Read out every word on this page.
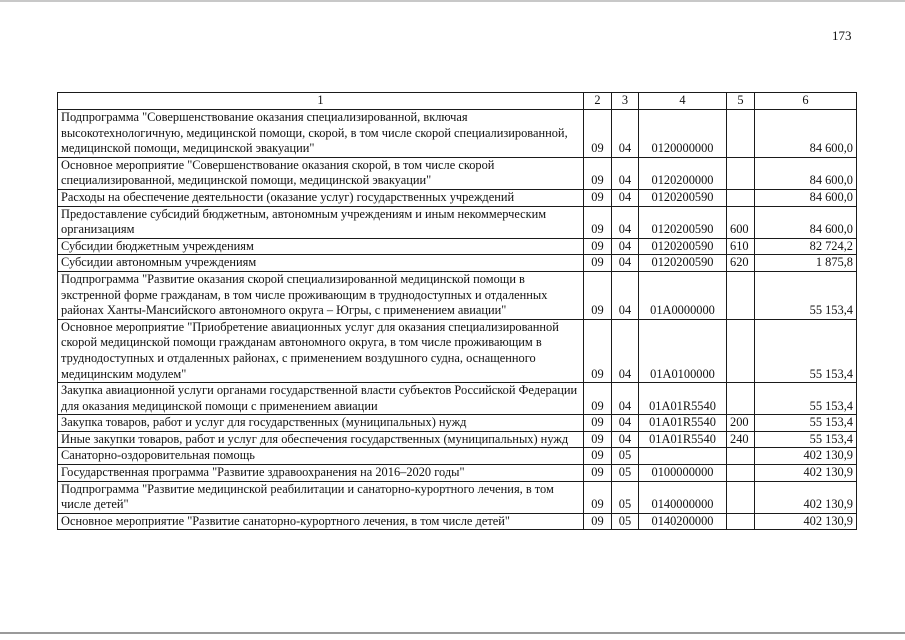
173
1	2	3	4	5	6
Подпрограмма "Совершенствование оказания специализированной, включая высокотехнологичную, медицинской помощи, скорой, в том числе скорой специализированной, медицинской помощи, медицинской эвакуации"	09	04	0120000000		84 600,0
Основное мероприятие "Совершенствование оказания скорой, в том числе скорой специализированной, медицинской помощи, медицинской эвакуации"	09	04	0120200000		84 600,0
Расходы на обеспечение деятельности (оказание услуг) государственных учреждений	09	04	0120200590		84 600,0
Предоставление субсидий бюджетным, автономным учреждениям и иным некоммерческим организациям	09	04	0120200590	600	84 600,0
Субсидии бюджетным учреждениям	09	04	0120200590	610	82 724,2
Субсидии автономным учреждениям	09	04	0120200590	620	1 875,8
Подпрограмма "Развитие оказания скорой специализированной медицинской помощи в экстренной форме гражданам, в том числе проживающим в труднодоступных и отдаленных районах Ханты-Мансийского автономного округа – Югры, с применением авиации"	09	04	01А0000000		55 153,4
Основное мероприятие "Приобретение авиационных услуг для оказания специализированной скорой медицинской помощи гражданам автономного округа, в том числе проживающим в труднодоступных и отдаленных районах, с применением воздушного судна, оснащенного медицинским модулем"	09	04	01А0100000		55 153,4
Закупка авиационной услуги органами государственной власти субъектов Российской Федерации для оказания медицинской помощи с применением авиации	09	04	01А01R5540		55 153,4
Закупка товаров, работ и услуг для государственных (муниципальных) нужд	09	04	01А01R5540	200	55 153,4
Иные закупки товаров, работ и услуг для обеспечения государственных (муниципальных) нужд	09	04	01А01R5540	240	55 153,4
Санаторно-оздоровительная помощь	09	05			402 130,9
Государственная программа "Развитие здравоохранения на 2016–2020 годы"	09	05	0100000000		402 130,9
Подпрограмма "Развитие медицинской реабилитации и санаторно-курортного лечения, в том числе детей"	09	05	0140000000		402 130,9
Основное мероприятие "Развитие санаторно-курортного лечения, в том числе детей"	09	05	0140200000		402 130,9
